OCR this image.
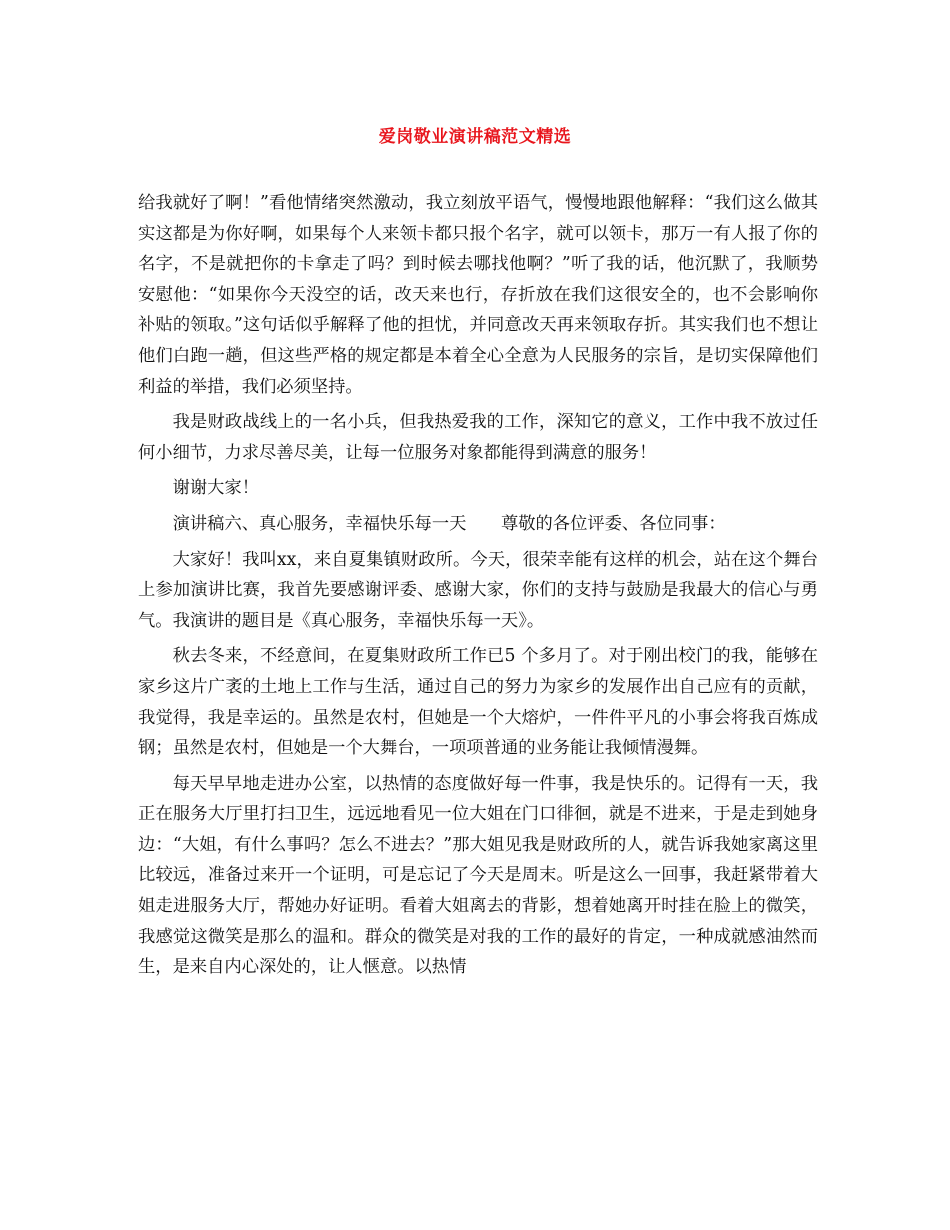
爱岗敬业演讲稿范文精选

给我就好了啊！”看他情绪突然激动，我立刻放平语气，慢慢地跟他解释：“我们这么做其实这都是为你好啊，如果每个人来领卡都只报个名字，就可以领卡，那万一有人报了你的名字，不是就把你的卡拿走了吗？到时候去哪找他啊？”听了我的话，他沉默了，我顺势安慰他：“如果你今天没空的话，改天来也行，存折放在我们这很安全的，也不会影响你补贴的领取。”这句话似乎解释了他的担忧，并同意改天再来领取存折。其实我们也不想让他们白跑一趟，但这些严格的规定都是本着全心全意为人民服务的宗旨，是切实保障他们利益的举措，我们必须坚持。

我是财政战线上的一名小兵，但我热爱我的工作，深知它的意义，工作中我不放过任何小细节，力求尽善尽美，让每一位服务对象都能得到满意的服务！

谢谢大家！

演讲稿六、真心服务，幸福快乐每一天　　尊敬的各位评委、各位同事：

大家好！我叫xx，来自夏集镇财政所。今天，很荣幸能有这样的机会，站在这个舞台上参加演讲比赛，我首先要感谢评委、感谢大家，你们的支持与鼓励是我最大的信心与勇气。我演讲的题目是《真心服务，幸福快乐每一天》。

秋去冬来，不经意间，在夏集财政所工作已5 个多月了。对于刚出校门的我，能够在家乡这片广袤的土地上工作与生活，通过自己的努力为家乡的发展作出自己应有的贡献，我觉得，我是幸运的。虽然是农村，但她是一个大熔炉，一件件平凡的小事会将我百炼成钢；虽然是农村，但她是一个大舞台，一项项普通的业务能让我倾情漫舞。

每天早早地走进办公室，以热情的态度做好每一件事，我是快乐的。记得有一天，我正在服务大厅里打扫卫生，远远地看见一位大姐在门口徘徊，就是不进来，于是走到她身边：“大姐，有什么事吗？怎么不进去？”那大姐见我是财政所的人，就告诉我她家离这里比较远，准备过来开一个证明，可是忘记了今天是周末。听是这么一回事，我赶紧带着大姐走进服务大厅，帮她办好证明。看着大姐离去的背影，想着她离开时挂在脸上的微笑，我感觉这微笑是那么的温和。群众的微笑是对我的工作的最好的肯定，一种成就感油然而生，是来自内心深处的，让人惬意。以热情
